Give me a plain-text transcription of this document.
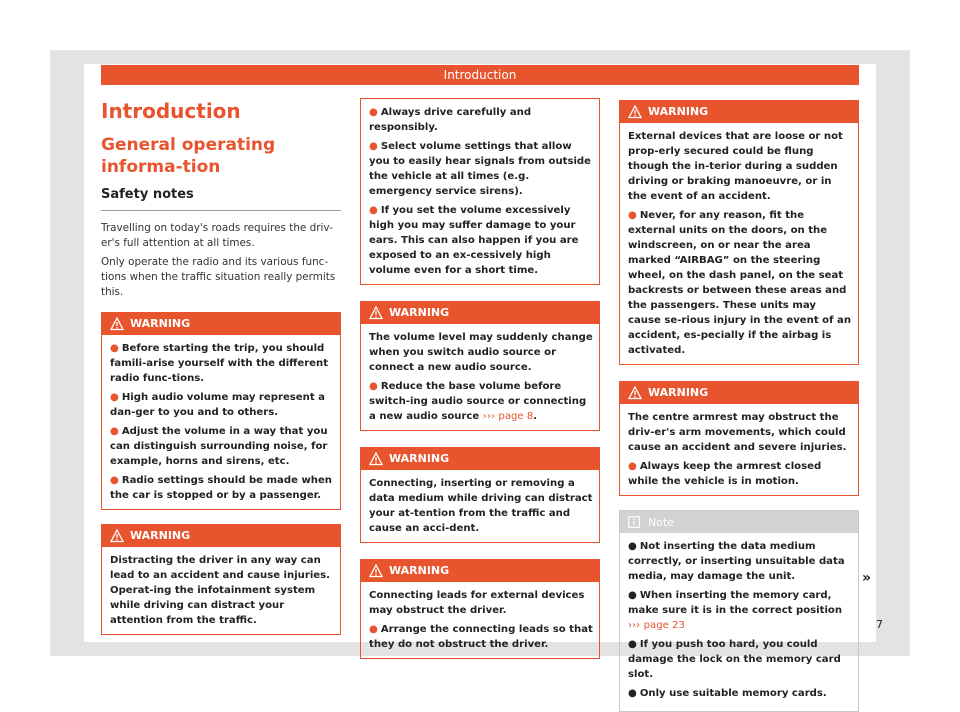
Introduction
Introduction
General operating informa-tion
Safety notes

Travelling on today's roads requires the driv-er's full attention at all times.

Only operate the radio and its various func-tions when the traffic situation really permits this.

WARNING

● Before starting the trip, you should famili-arise yourself with the different radio func-tions.

● High audio volume may represent a dan-ger to you and to others.

● Adjust the volume in a way that you can distinguish surrounding noise, for example, horns and sirens, etc.

● Radio settings should be made when the car is stopped or by a passenger.

WARNING

Distracting the driver in any way can lead to an accident and cause injuries. Operat-ing the infotainment system while driving can distract your attention from the traffic.

● Always drive carefully and responsibly.

● Select volume settings that allow you to easily hear signals from outside the vehicle at all times (e.g. emergency service sirens).

● If you set the volume excessively high you may suffer damage to your ears. This can also happen if you are exposed to an ex-cessively high volume even for a short time.

WARNING

The volume level may suddenly change when you switch audio source or connect a new audio source.

● Reduce the base volume before switch-ing audio source or connecting a new audio source ››› page 8.

WARNING

Connecting, inserting or removing a data medium while driving can distract your at-tention from the traffic and cause an acci-dent.

WARNING

Connecting leads for external devices may obstruct the driver.

● Arrange the connecting leads so that they do not obstruct the driver.

WARNING

External devices that are loose or not prop-erly secured could be flung though the in-terior during a sudden driving or braking manoeuvre, or in the event of an accident.

● Never, for any reason, fit the external units on the doors, on the windscreen, on or near the area marked “AIRBAG” on the steering wheel, on the dash panel, on the seat backrests or between these areas and the passengers. These units may cause se-rious injury in the event of an accident, es-pecially if the airbag is activated.

WARNING

The centre armrest may obstruct the driv-er's arm movements, which could cause an accident and severe injuries.

● Always keep the armrest closed while the vehicle is in motion.

Note

● Not inserting the data medium correctly, or inserting unsuitable data media, may damage the unit.

● When inserting the memory card, make sure it is in the correct position ››› page 23

● If you push too hard, you could damage the lock on the memory card slot.

● Only use suitable memory cards.

»
7
